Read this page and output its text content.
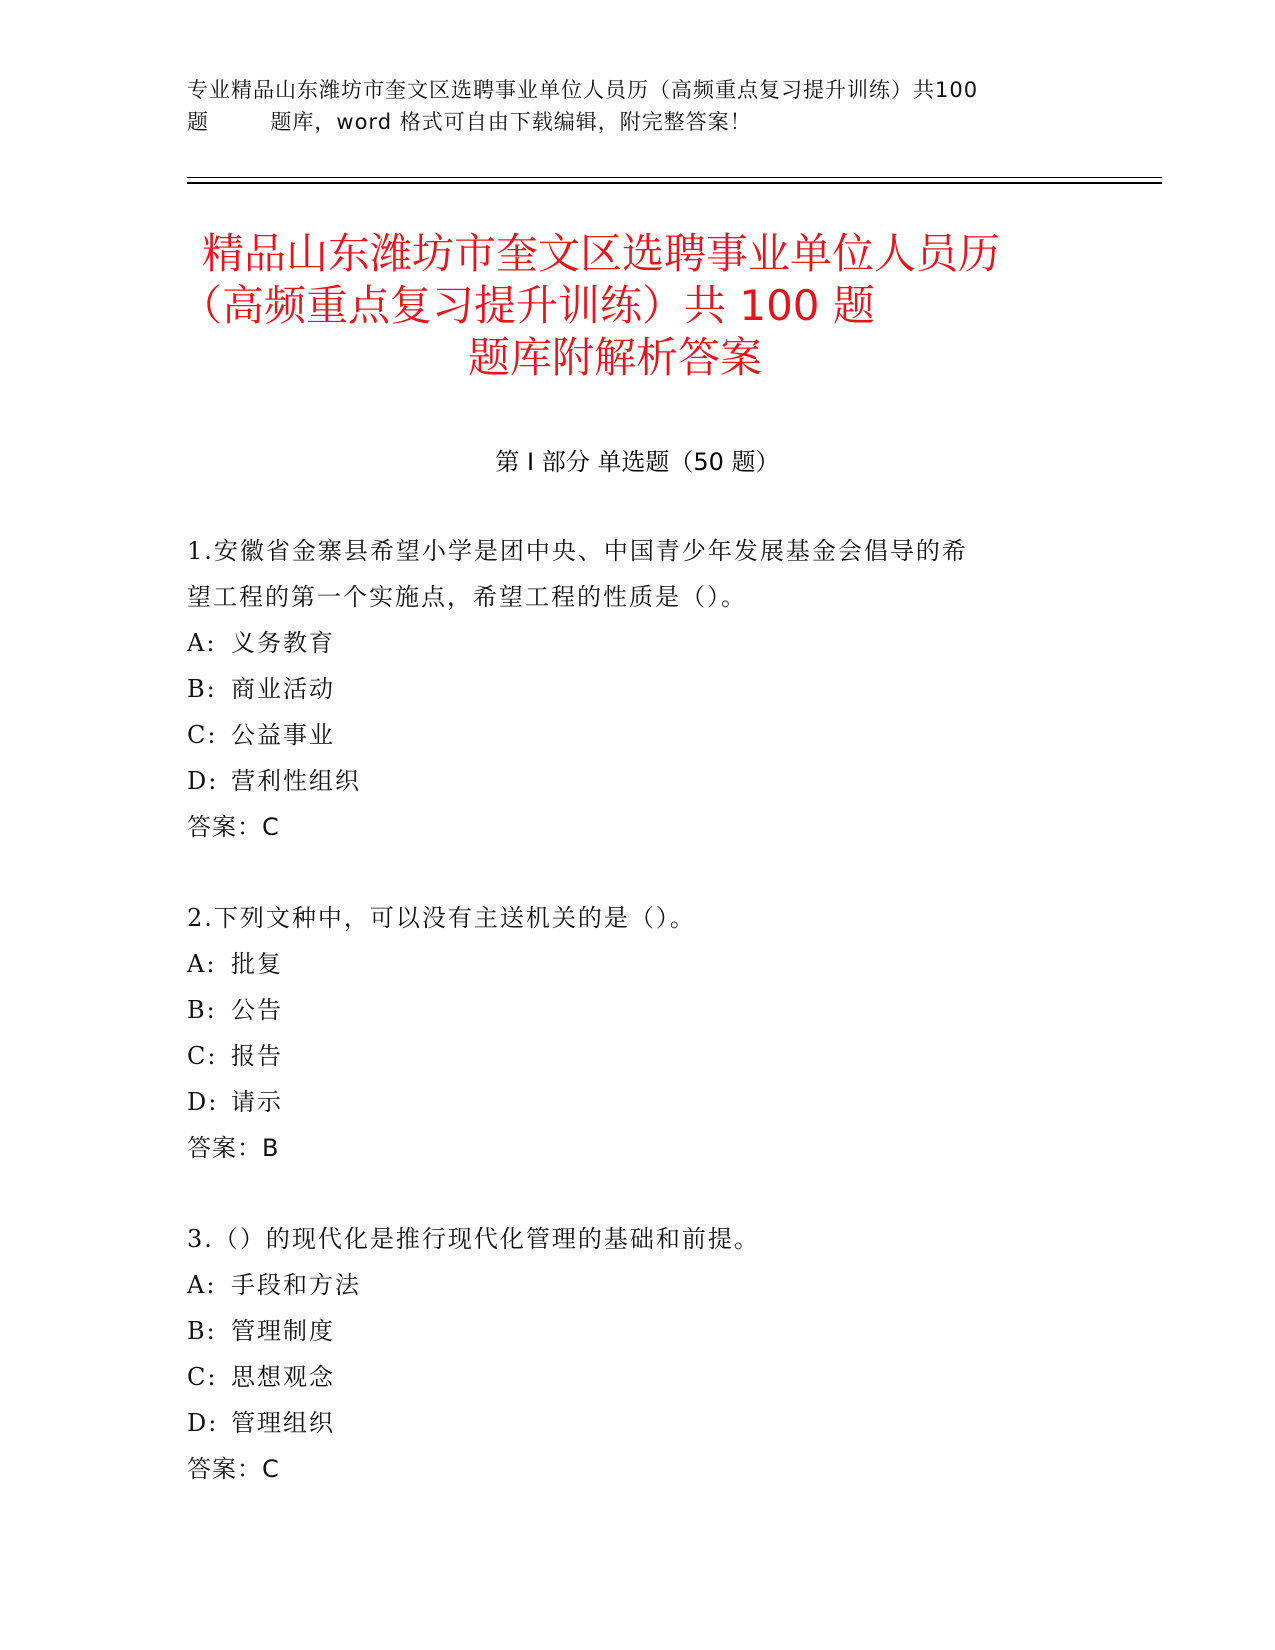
专业精品山东潍坊市奎文区选聘事业单位人员历（高频重点复习提升训练）共100
题        题库，word 格式可自由下载编辑，附完整答案！
精品山东潍坊市奎文区选聘事业单位人员历
（高频重点复习提升训练）共 100 题
题库附解析答案
第 I 部分 单选题（50 题）
1.安徽省金寨县希望小学是团中央、中国青少年发展基金会倡导的希
望工程的第一个实施点，希望工程的性质是（）。
A: 义务教育
B: 商业活动
C: 公益事业
D: 营利性组织
答案：C
2.下列文种中，可以没有主送机关的是（）。
A: 批复
B: 公告
C: 报告
D: 请示
答案：B
3.（）的现代化是推行现代化管理的基础和前提。
A: 手段和方法
B: 管理制度
C: 思想观念
D: 管理组织
答案：C
